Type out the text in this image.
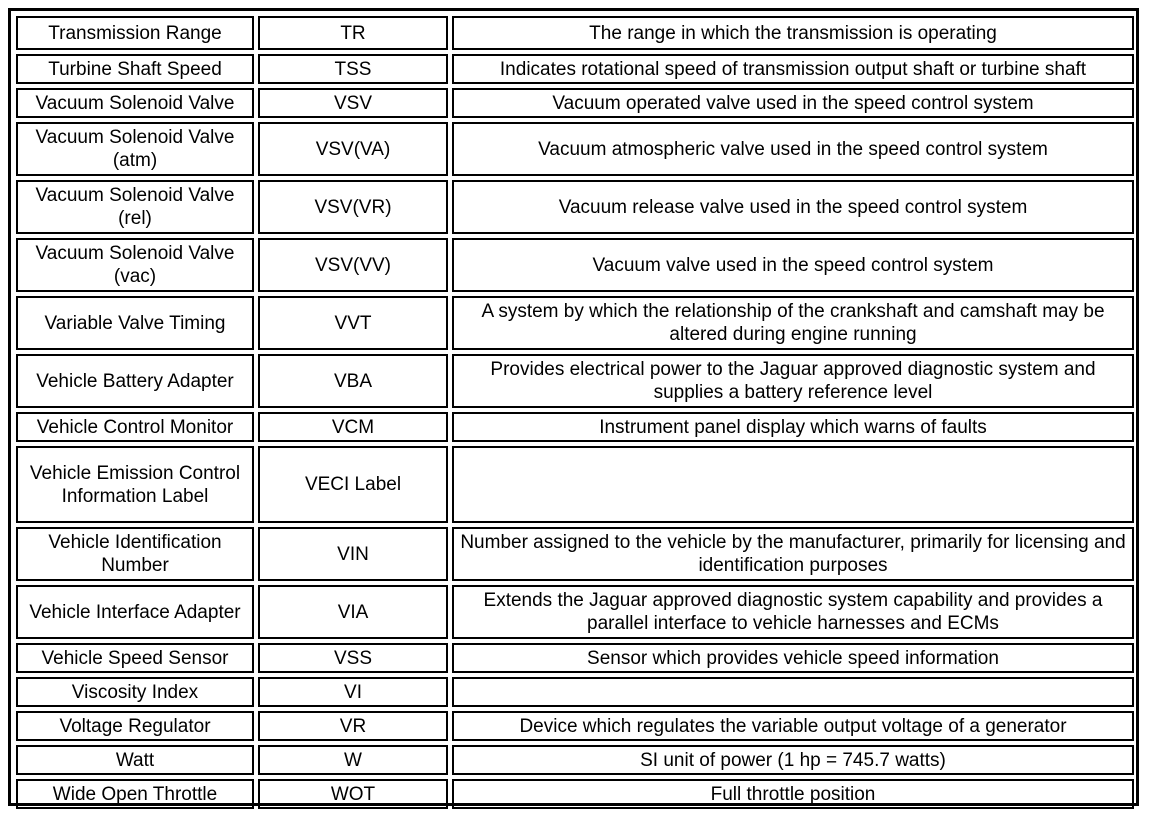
Transmission Range	TR	The range in which the transmission is operating
Turbine Shaft Speed	TSS	Indicates rotational speed of transmission output shaft or turbine shaft
Vacuum Solenoid Valve	VSV	Vacuum operated valve used in the speed control system
Vacuum Solenoid Valve (atm)	VSV(VA)	Vacuum atmospheric valve used in the speed control system
Vacuum Solenoid Valve (rel)	VSV(VR)	Vacuum release valve used in the speed control system
Vacuum Solenoid Valve (vac)	VSV(VV)	Vacuum valve used in the speed control system
Variable Valve Timing	VVT	A system by which the relationship of the crankshaft and camshaft may be altered during engine running
Vehicle Battery Adapter	VBA	Provides electrical power to the Jaguar approved diagnostic system and supplies a battery reference level
Vehicle Control Monitor	VCM	Instrument panel display which warns of faults
Vehicle Emission Control Information Label	VECI Label	
Vehicle Identification Number	VIN	Number assigned to the vehicle by the manufacturer, primarily for licensing and identification purposes
Vehicle Interface Adapter	VIA	Extends the Jaguar approved diagnostic system capability and provides a parallel interface to vehicle harnesses and ECMs
Vehicle Speed Sensor	VSS	Sensor which provides vehicle speed information
Viscosity Index	VI	
Voltage Regulator	VR	Device which regulates the variable output voltage of a generator
Watt	W	SI unit of power (1 hp = 745.7 watts)
Wide Open Throttle	WOT	Full throttle position
